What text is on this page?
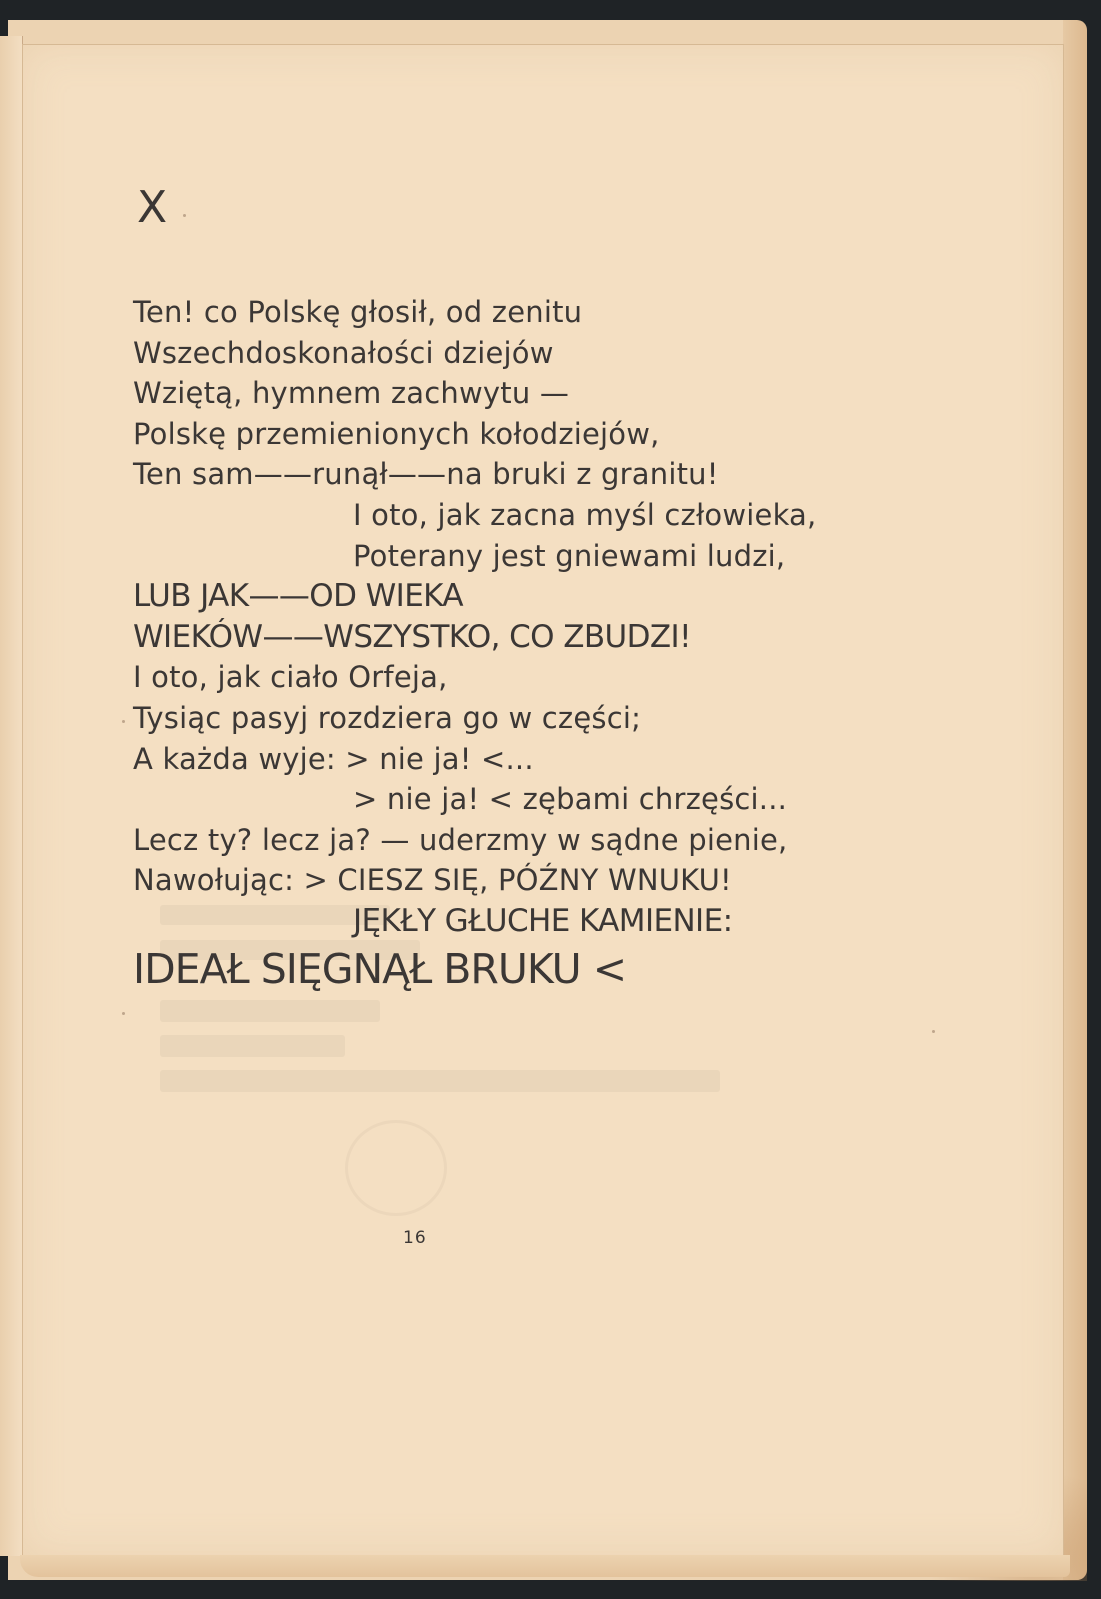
X
Ten! co Polskę głosił, od zenitu
Wszechdoskonałości dziejów
Wziętą, hymnem zachwytu —
Polskę przemienionych kołodziejów,
Ten sam——runął——na bruki z granitu!
I oto, jak zacna myśl człowieka,
Poterany jest gniewami ludzi,
LUB JAK——OD WIEKA
WIEKÓW——WSZYSTKO, CO ZBUDZI!
I oto, jak ciało Orfeja,
Tysiąc pasyj rozdziera go w części;
A każda wyje: > nie ja! <...
> nie ja! < zębami chrzęści...
Lecz ty? lecz ja? — uderzmy w sądne pienie,
Nawołując: > CIESZ SIĘ, PÓŹNY WNUKU!
JĘKŁY GŁUCHE KAMIENIE:
IDEAŁ SIĘGNĄŁ BRUKU <
16
